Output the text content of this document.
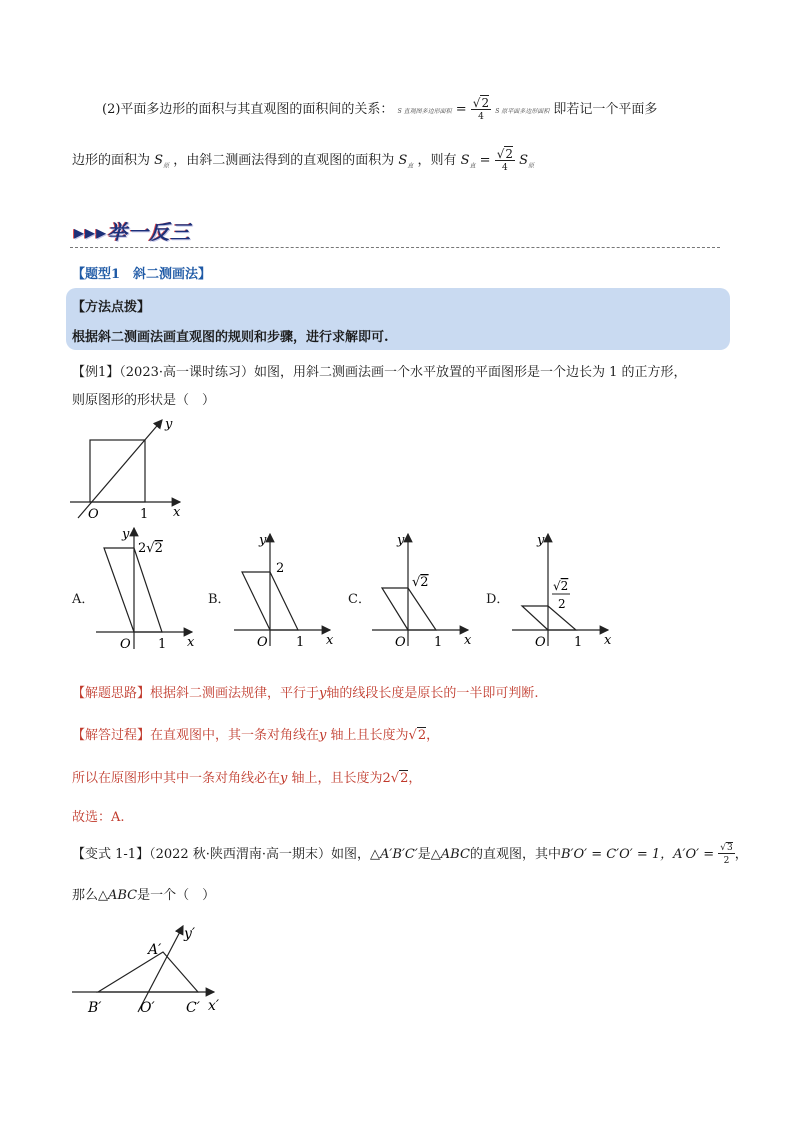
(2)平面多边形的面积与其直观图的面积间的关系： S 直观图多边形面积 = $\frac{√2}{4}$ S 原平面多边形面积 即若记一个平面多
边形的面积为 $S_原$ ，由斜二测画法得到的直观图的面积为 $S_直$ ，则有 $S_直 = \frac{√2}{4} S_原$
▸▸▸举一反三
【题型1　斜二测画法】
【方法点拨】
根据斜二测画法画直观图的规则和步骤，进行求解即可.
【例1】（2023·高一课时练习）如图，用斜二测画法画一个水平放置的平面图形是一个边长为 1 的正方形，
则原图形的形状是（　）
y
x
O	1
A．
y
x
O 1
2√2
B．
y
x
O 1
2
C．
y
x
O 1
√2
D．
y
x
O 1
√2
2
【解题思路】根据斜二测画法规律，平行于y轴的线段长度是原长的一半即可判断.
【解答过程】在直观图中，其一条对角线在y 轴上且长度为√2，
所以在原图形中其中一条对角线必在y 轴上，且长度为2√2，
故选：A.
【变式 1-1】（2022 秋·陕西渭南·高一期末）如图，△A′B′C′是△ABC的直观图，其中B′O′ = C′O′ = 1，$A'O' = \frac{√3}{2}$ ，
那么△ABC是一个（　）
A′
y′
B′	O′ C′ x′
